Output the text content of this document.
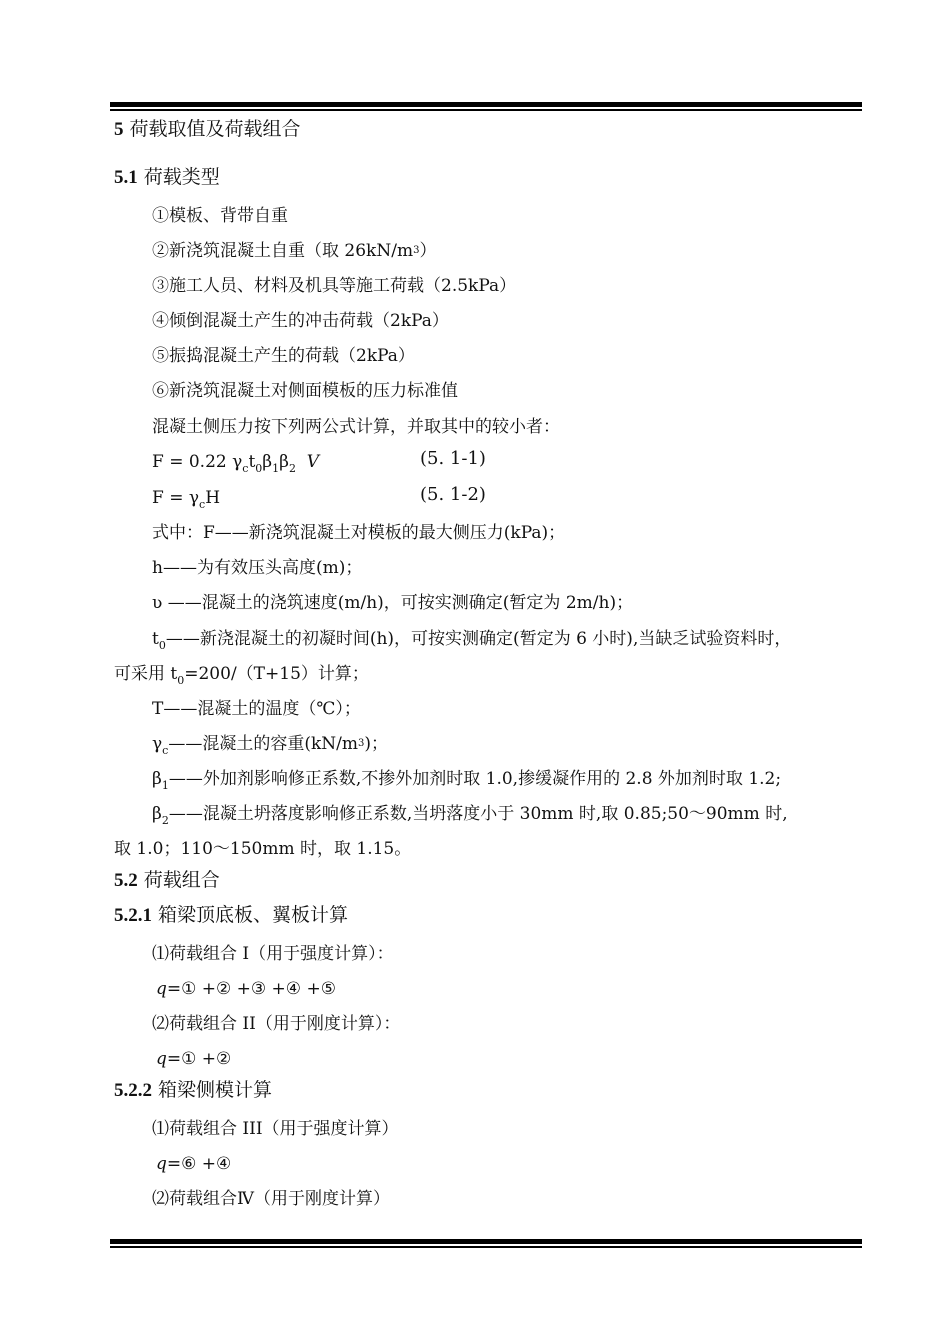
5 荷载取值及荷载组合
5.1 荷载类型
①模板、背带自重
②新浇筑混凝土自重（取 $26kN/m^3$）
③施工人员、材料及机具等施工荷载（2.5kPa）
④倾倒混凝土产生的冲击荷载（2kPa）
⑤振捣混凝土产生的荷载（2kPa）
⑥新浇筑混凝土对侧面模板的压力标准值
混凝土侧压力按下列两公式计算，并取其中的较小者：
F = 0.22 $\gamma_ct_0\beta_1\beta_2$ V	(5. 1-1)
$F = \gamma_cH$	(5. 1-2)
式中：F——新浇筑混凝土对模板的最大侧压力(kPa)；
h——为有效压头高度(m)；
ʋ ——混凝土的浇筑速度(m/h)，可按实测确定(暂定为 2m/h)；
$t_0——$新浇混凝土的初凝时间(h)，可按实测确定(暂定为 6 小时),当缺乏试验资料时，
可采用 $t_0=200/(T+15)$计算；
T——混凝土的温度（℃）；
$\gamma_c——$混凝土的容重$(kN/m^3)$；
$\beta_1——$外加剂影响修正系数,不掺外加剂时取 1.0,掺缓凝作用的 2.8 外加剂时取 1.2;
$\beta_2——$混凝土坍落度影响修正系数,当坍落度小于 30mm 时,取 0.85;50～90mm 时,
取 1.0；110～150mm 时，取 1.15。
5.2 荷载组合
5.2.1 箱梁顶底板、翼板计算
⑴荷载组合 I（用于强度计算）：
q=① +② +③ +④ +⑤
⑵荷载组合 II（用于刚度计算）：
q=① +②
5.2.2 箱梁侧模计算
⑴荷载组合 III（用于强度计算）
q=⑥ +④
⑵荷载组合Ⅳ（用于刚度计算）
